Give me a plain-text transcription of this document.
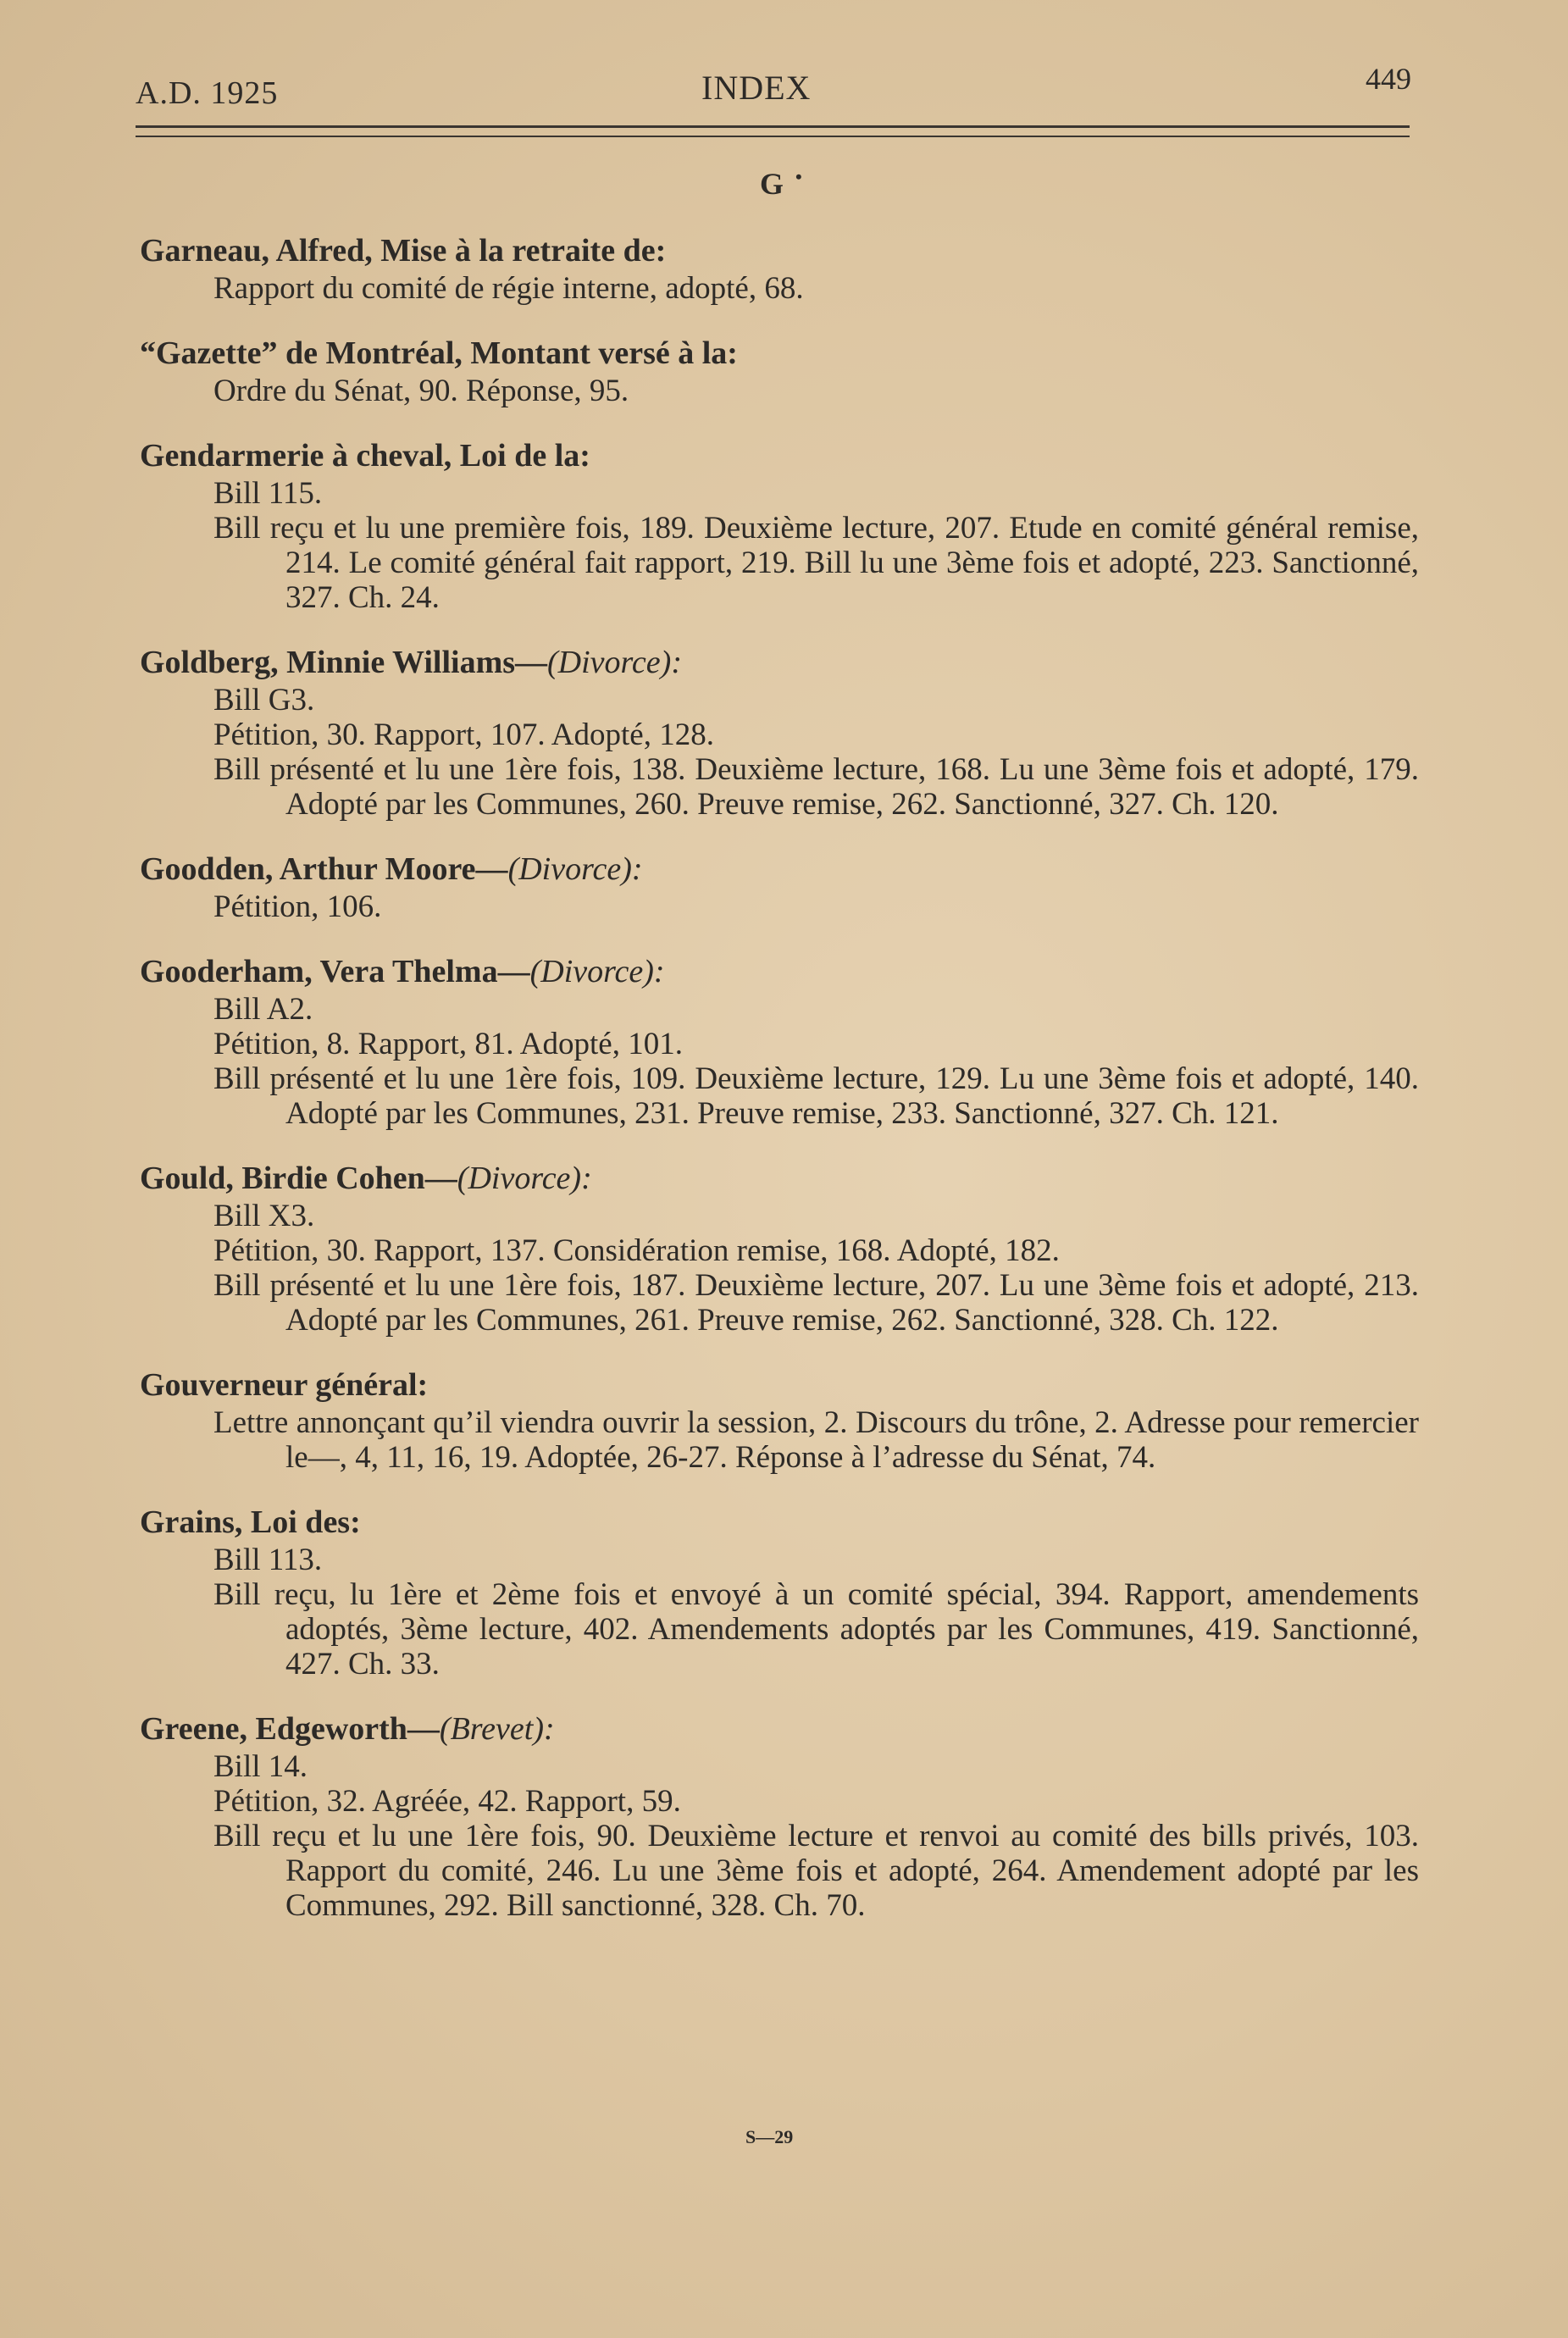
A.D. 1925	INDEX	449
G •
Garneau, Alfred, Mise à la retraite de:
Rapport du comité de régie interne, adopté, 68.
“Gazette” de Montréal, Montant versé à la:
Ordre du Sénat, 90. Réponse, 95.
Gendarmerie à cheval, Loi de la:
Bill 115.
Bill reçu et lu une première fois, 189. Deuxième lecture, 207. Etude en comité général remise, 214. Le comité général fait rapport, 219. Bill lu une 3ème fois et adopté, 223. Sanctionné, 327. Ch. 24.
Goldberg, Minnie Williams—(Divorce):
Bill G3.
Pétition, 30. Rapport, 107. Adopté, 128.
Bill présenté et lu une 1ère fois, 138. Deuxième lecture, 168. Lu une 3ème fois et adopté, 179. Adopté par les Communes, 260. Preuve remise, 262. Sanctionné, 327. Ch. 120.
Goodden, Arthur Moore—(Divorce):
Pétition, 106.
Gooderham, Vera Thelma—(Divorce):
Bill A2.
Pétition, 8. Rapport, 81. Adopté, 101.
Bill présenté et lu une 1ère fois, 109. Deuxième lecture, 129. Lu une 3ème fois et adopté, 140. Adopté par les Communes, 231. Preuve remise, 233. Sanctionné, 327. Ch. 121.
Gould, Birdie Cohen—(Divorce):
Bill X3.
Pétition, 30. Rapport, 137. Considération remise, 168. Adopté, 182.
Bill présenté et lu une 1ère fois, 187. Deuxième lecture, 207. Lu une 3ème fois et adopté, 213. Adopté par les Communes, 261. Preuve remise, 262. Sanctionné, 328. Ch. 122.
Gouverneur général:
Lettre annonçant qu’il viendra ouvrir la session, 2. Discours du trône, 2. Adresse pour remercier le—, 4, 11, 16, 19. Adoptée, 26-27. Réponse à l’adresse du Sénat, 74.
Grains, Loi des:
Bill 113.
Bill reçu, lu 1ère et 2ème fois et envoyé à un comité spécial, 394. Rapport, amendements adoptés, 3ème lecture, 402. Amendements adoptés par les Communes, 419. Sanctionné, 427. Ch. 33.
Greene, Edgeworth—(Brevet):
Bill 14.
Pétition, 32. Agréée, 42. Rapport, 59.
Bill reçu et lu une 1ère fois, 90. Deuxième lecture et renvoi au comité des bills privés, 103. Rapport du comité, 246. Lu une 3ème fois et adopté, 264. Amendement adopté par les Communes, 292. Bill sanctionné, 328. Ch. 70.
S—29
